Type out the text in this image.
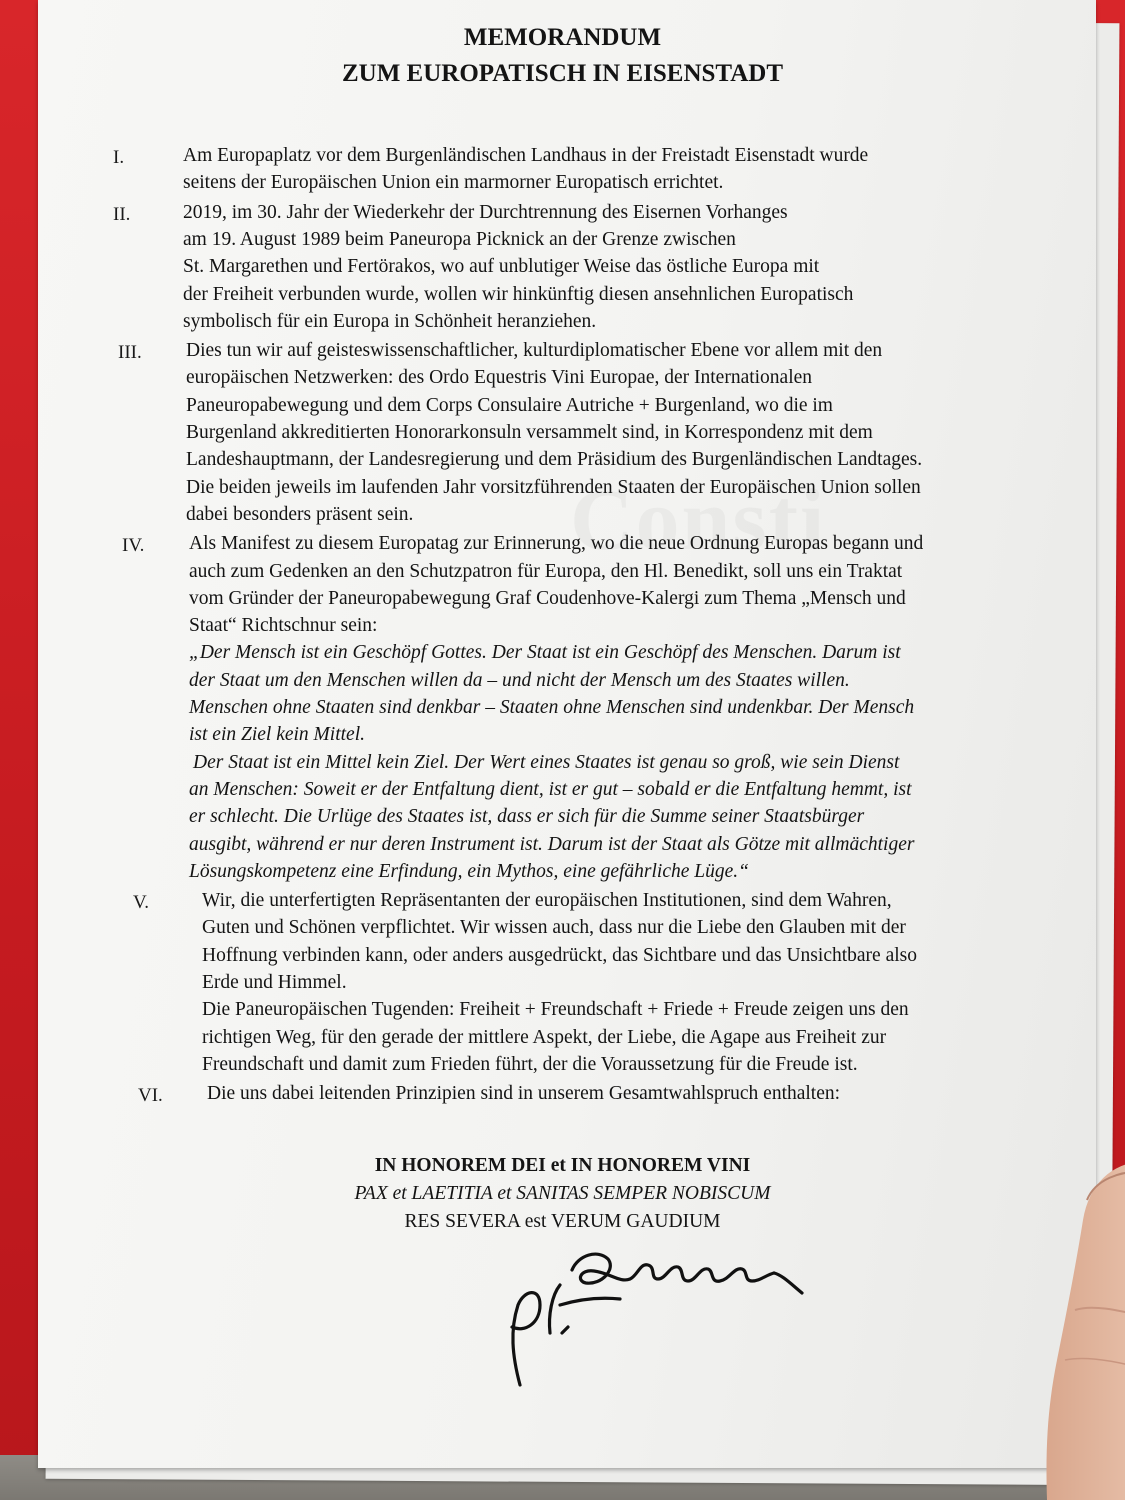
MEMORANDUM
ZUM EUROPATISCH IN EISENSTADT
I.	Am Europaplatz vor dem Burgenländischen Landhaus in der Freistadt Eisenstadt wurde
seitens der Europäischen Union ein marmorner Europatisch errichtet.
II.	2019, im 30. Jahr der Wiederkehr der Durchtrennung des Eisernen Vorhanges
am 19. August 1989 beim Paneuropa Picknick an der Grenze zwischen
St. Margarethen und Fertörakos, wo auf unblutiger Weise das östliche Europa mit
der Freiheit verbunden wurde, wollen wir hinkünftig diesen ansehnlichen Europatisch
symbolisch für ein Europa in Schönheit heranziehen.
III. Dies tun wir auf geisteswissenschaftlicher, kulturdiplomatischer Ebene vor allem mit den
europäischen Netzwerken: des Ordo Equestris Vini Europae, der Internationalen
Paneuropabewegung und dem Corps Consulaire Autriche + Burgenland, wo die im
Burgenland akkreditierten Honorarkonsuln versammelt sind, in Korrespondenz mit dem
Landeshauptmann, der Landesregierung und dem Präsidium des Burgenländischen Landtages.
Die beiden jeweils im laufenden Jahr vorsitzführenden Staaten der Europäischen Union sollen
dabei besonders präsent sein.
IV. Als Manifest zu diesem Europatag zur Erinnerung, wo die neue Ordnung Europas begann und
auch zum Gedenken an den Schutzpatron für Europa, den Hl. Benedikt, soll uns ein Traktat
vom Gründer der Paneuropabewegung Graf Coudenhove-Kalergi zum Thema „Mensch und
Staat“ Richtschnur sein:
„Der Mensch ist ein Geschöpf Gottes. Der Staat ist ein Geschöpf des Menschen. Darum ist
der Staat um den Menschen willen da – und nicht der Mensch um des Staates willen.
Menschen ohne Staaten sind denkbar – Staaten ohne Menschen sind undenkbar. Der Mensch
ist ein Ziel kein Mittel.
Der Staat ist ein Mittel kein Ziel. Der Wert eines Staates ist genau so groß, wie sein Dienst
an Menschen: Soweit er der Entfaltung dient, ist er gut – sobald er die Entfaltung hemmt, ist
er schlecht. Die Urlüge des Staates ist, dass er sich für die Summe seiner Staatsbürger
ausgibt, während er nur deren Instrument ist. Darum ist der Staat als Götze mit allmächtiger
Lösungskompetenz eine Erfindung, ein Mythos, eine gefährliche Lüge.“
V.	Wir, die unterfertigten Repräsentanten der europäischen Institutionen, sind dem Wahren,
Guten und Schönen verpflichtet. Wir wissen auch, dass nur die Liebe den Glauben mit der
Hoffnung verbinden kann, oder anders ausgedrückt, das Sichtbare und das Unsichtbare also
Erde und Himmel.
Die Paneuropäischen Tugenden: Freiheit + Freundschaft + Friede + Freude zeigen uns den
richtigen Weg, für den gerade der mittlere Aspekt, der Liebe, die Agape aus Freiheit zur
Freundschaft und damit zum Frieden führt, der die Voraussetzung für die Freude ist.
VI. Die uns dabei leitenden Prinzipien sind in unserem Gesamtwahlspruch enthalten:
IN HONOREM DEI et IN HONOREM VINI
PAX et LAETITIA et SANITAS SEMPER NOBISCUM
RES SEVERA est VERUM GAUDIUM
